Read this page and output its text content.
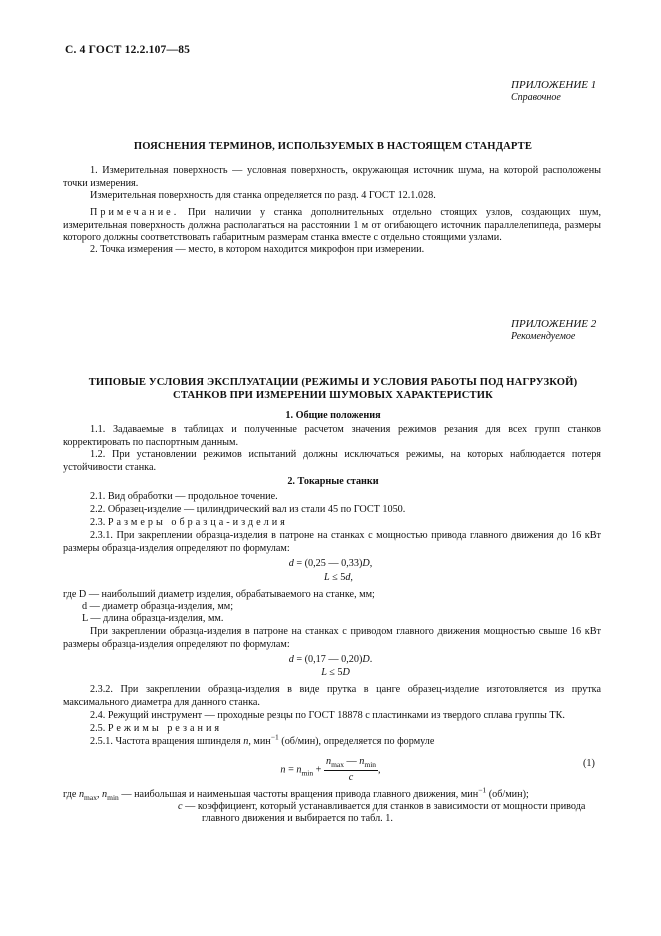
С. 4 ГОСТ 12.2.107—85
ПРИЛОЖЕНИЕ 1
Справочное
ПОЯСНЕНИЯ ТЕРМИНОВ, ИСПОЛЬЗУЕМЫХ В НАСТОЯЩЕМ СТАНДАРТЕ
1. Измерительная поверхность — условная поверхность, окружающая источник шума, на которой расположены точки измерения.
Измерительная поверхность для станка определяется по разд. 4 ГОСТ 12.1.028.
Примечание. При наличии у станка дополнительных отдельно стоящих узлов, создающих шум, измерительная поверхность должна располагаться на расстоянии 1 м от огибающего источник параллелепипеда, размеры которого должны соответствовать габаритным размерам станка вместе с отдельно стоящими узлами.
2. Точка измерения — место, в котором находится микрофон при измерении.
ПРИЛОЖЕНИЕ 2
Рекомендуемое
ТИПОВЫЕ УСЛОВИЯ ЭКСПЛУАТАЦИИ (РЕЖИМЫ И УСЛОВИЯ РАБОТЫ ПОД НАГРУЗКОЙ)
СТАНКОВ ПРИ ИЗМЕРЕНИИ ШУМОВЫХ ХАРАКТЕРИСТИК
1. Общие положения
1.1. Задаваемые в таблицах и полученные расчетом значения режимов резания для всех групп станков корректировать по паспортным данным.
1.2. При установлении режимов испытаний должны исключаться режимы, на которых наблюдается потеря устойчивости станка.
2. Токарные станки
2.1. Вид обработки — продольное точение.
2.2. Образец-изделие — цилиндрический вал из стали 45 по ГОСТ 1050.
2.3. Размеры образца-изделия
2.3.1. При закреплении образца-изделия в патроне на станках с мощностью привода главного движения до 16 кВт размеры образца-изделия определяют по формулам:
d = (0,25 — 0,33)D,
L ≤ 5d,
где D — наибольший диаметр изделия, обрабатываемого на станке, мм;
d — диаметр образца-изделия, мм;
L — длина образца-изделия, мм.
При закреплении образца-изделия в патроне на станках с приводом главного движения мощностью свыше 16 кВт размеры образца-изделия определяют по формулам:
d = (0,17 — 0,20)D.
L ≤ 5D
2.3.2. При закреплении образца-изделия в виде прутка в цанге образец-изделие изготовляется из прутка максимального диаметра для данного станка.
2.4. Режущий инструмент — проходные резцы по ГОСТ 18878 с пластинками из твердого сплава группы ТК.
2.5. Режимы резания
2.5.1. Частота вращения шпинделя n, мин$^{-1}$ (об/мин), определяется по формуле
$n = n_{min} + \frac{n_{max} — n_{min}}{c}$ ,
(1)
где $n_{max}$, $n_{min}$ — наибольшая и наименьшая частоты вращения привода главного движения, мин$^{-1}$ (об/мин);
c — коэффициент, который устанавливается для станков в зависимости от мощности привода
главного движения и выбирается по табл. 1.
